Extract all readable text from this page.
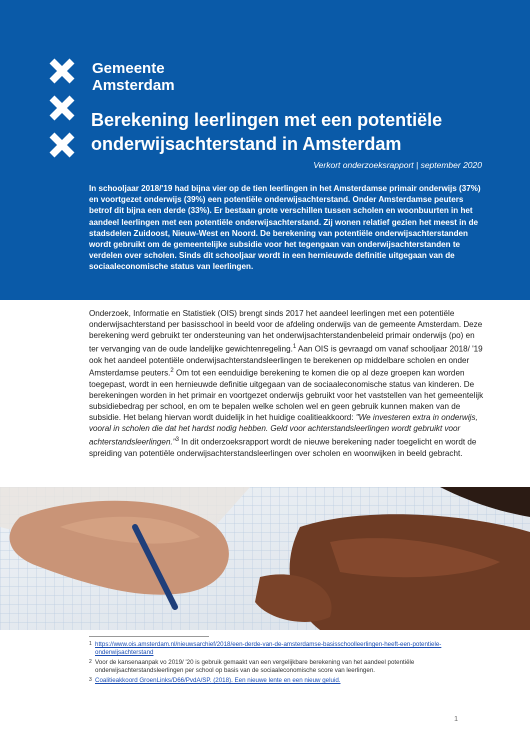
Gemeente
Amsterdam
Berekening leerlingen met een potentiële onderwijsachterstand in Amsterdam
Verkort onderzoeksrapport | september 2020
In schooljaar 2018/'19 had bijna vier op de tien leerlingen in het Amsterdamse primair onderwijs (37%) en voortgezet onderwijs (39%) een potentiële onderwijsachterstand. Onder Amsterdamse peuters betrof dit bijna een derde (33%). Er bestaan grote verschillen tussen scholen en woonbuurten in het aandeel leerlingen met een potentiële onderwijsachterstand. Zij wonen relatief gezien het meest in de stadsdelen Zuidoost, Nieuw-West en Noord. De berekening van potentiële onderwijsachterstanden wordt gebruikt om de gemeentelijke subsidie voor het tegengaan van onderwijsachterstanden te verdelen over scholen. Sinds dit schooljaar wordt in een hernieuwde definitie uitgegaan van de sociaaleconomische status van leerlingen.
Onderzoek, Informatie en Statistiek (OIS) brengt sinds 2017 het aandeel leerlingen met een potentiële onderwijsachterstand per basisschool in beeld voor de afdeling onderwijs van de gemeente Amsterdam. Deze berekening werd gebruikt ter ondersteuning van het onderwijsachterstandenbeleid primair onderwijs (po) en ter vervanging van de oude landelijke gewichtenregeling.$^1$ Aan OIS is gevraagd om vanaf schooljaar 2018/ '19 ook het aandeel potentiële onderwijsachterstandsleerlingen te berekenen op middelbare scholen en onder Amsterdamse peuters.$^2$ Om tot een eenduidige berekening te komen die op al deze groepen kan worden toegepast, wordt in een hernieuwde definitie uitgegaan van de sociaaleconomische status van kinderen. De berekeningen worden in het primair en voortgezet onderwijs gebruikt voor het vaststellen van het gemeentelijk subsidiebedrag per school, en om te bepalen welke scholen wel en geen gebruik kunnen maken van de subsidie. Het belang hiervan wordt duidelijk in het huidige coalitieakkoord: "We investeren extra in onderwijs, vooral in scholen die dat het hardst nodig hebben. Geld voor achterstandsleerlingen wordt gebruikt voor achterstandsleerlingen."$^3$ In dit onderzoeksrapport wordt de nieuwe berekening nader toegelicht en wordt de spreiding van potentiële onderwijsachterstandsleerlingen over scholen en woonwijken in beeld gebracht.
1 https://www.ois.amsterdam.nl/nieuwsarchief/2018/een-derde-van-de-amsterdamse-basisschoolleerlingen-heeft-een-potentiele-onderwijsachterstand
2 Voor de kansenaanpak vo 2019/ '20 is gebruik gemaakt van een vergelijkbare berekening van het aandeel potentiële onderwijsachterstandsleerlingen per school op basis van de sociaaleconomische score van leerlingen.
3 Coalitieakkoord GroenLinks/D66/PvdA/SP. (2018). Een nieuwe lente en een nieuw geluid.
1
